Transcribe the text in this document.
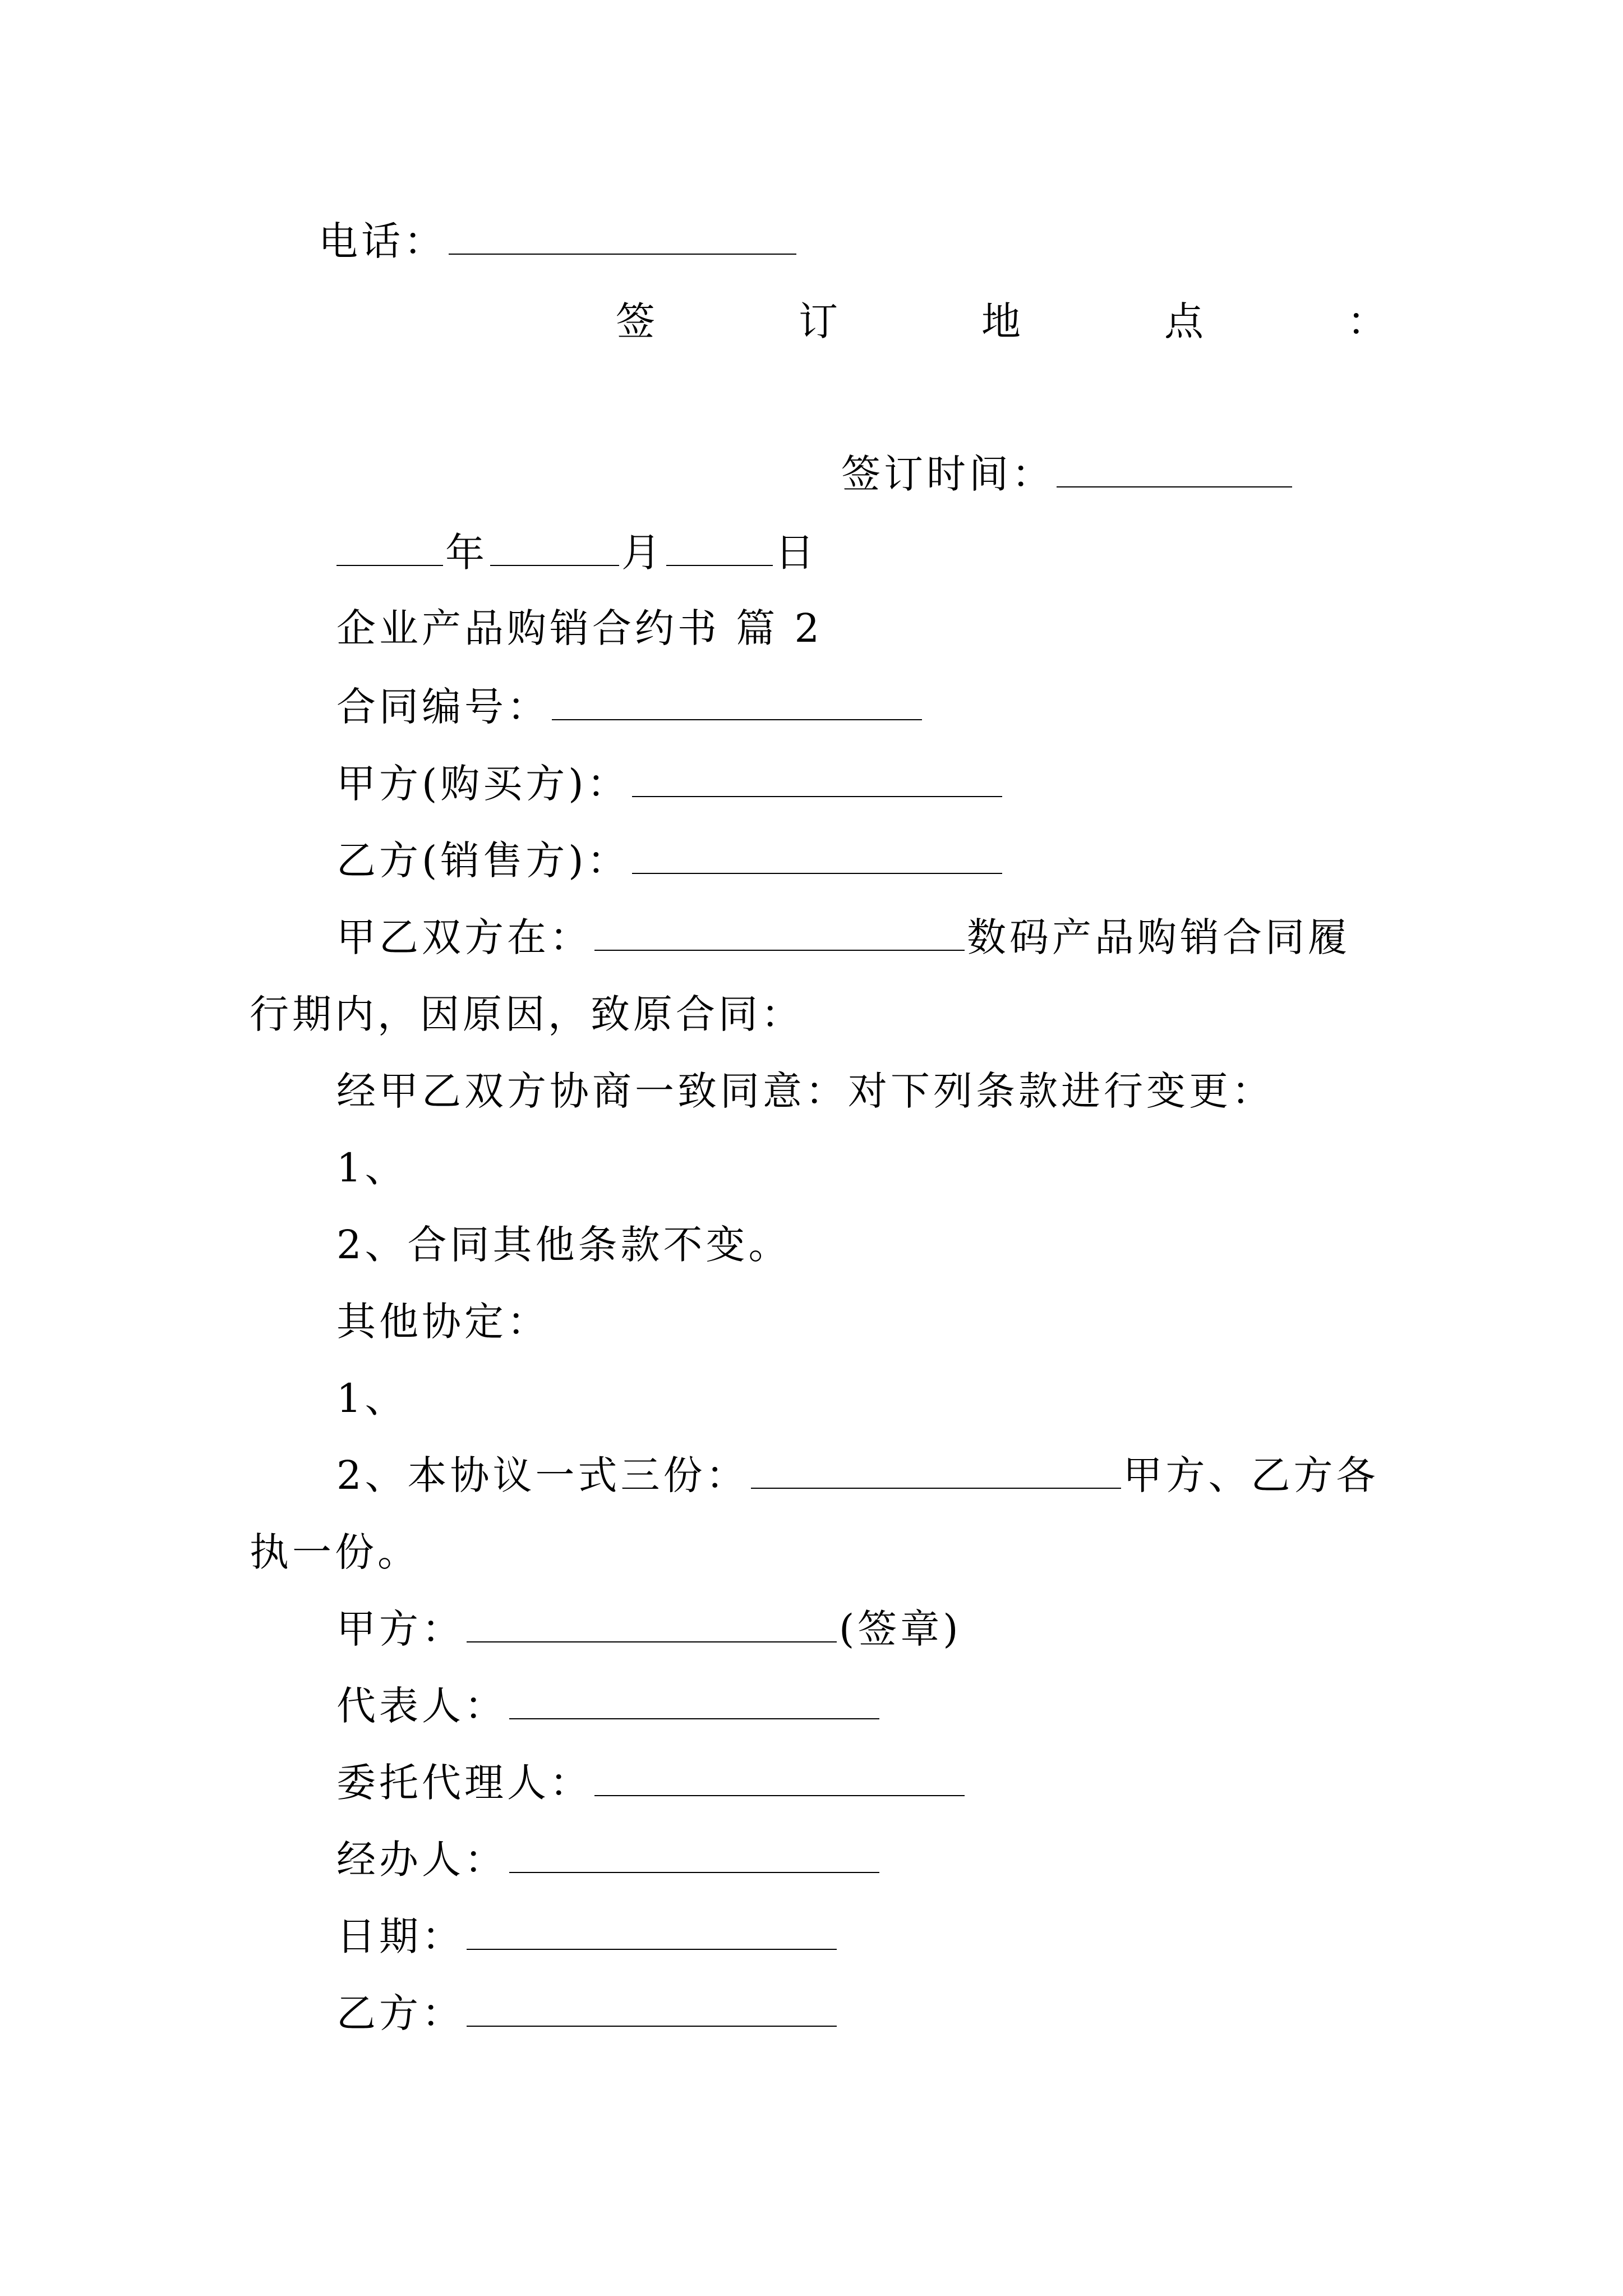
电话：
签	订	地	点	：
签订时间：
年	月	日
企业产品购销合约书 篇 2
合同编号：
甲方(购买方)：
乙方(销售方)：
甲乙双方在：	数码产品购销合同履
行期内，因原因，致原合同：
经甲乙双方协商一致同意：对下列条款进行变更：
1、
2、合同其他条款不变。
其他协定：
1、
2、本协议一式三份：	甲方、乙方各
执一份。
甲方：	(签章)
代表人：
委托代理人：
经办人：
日期：
乙方：
